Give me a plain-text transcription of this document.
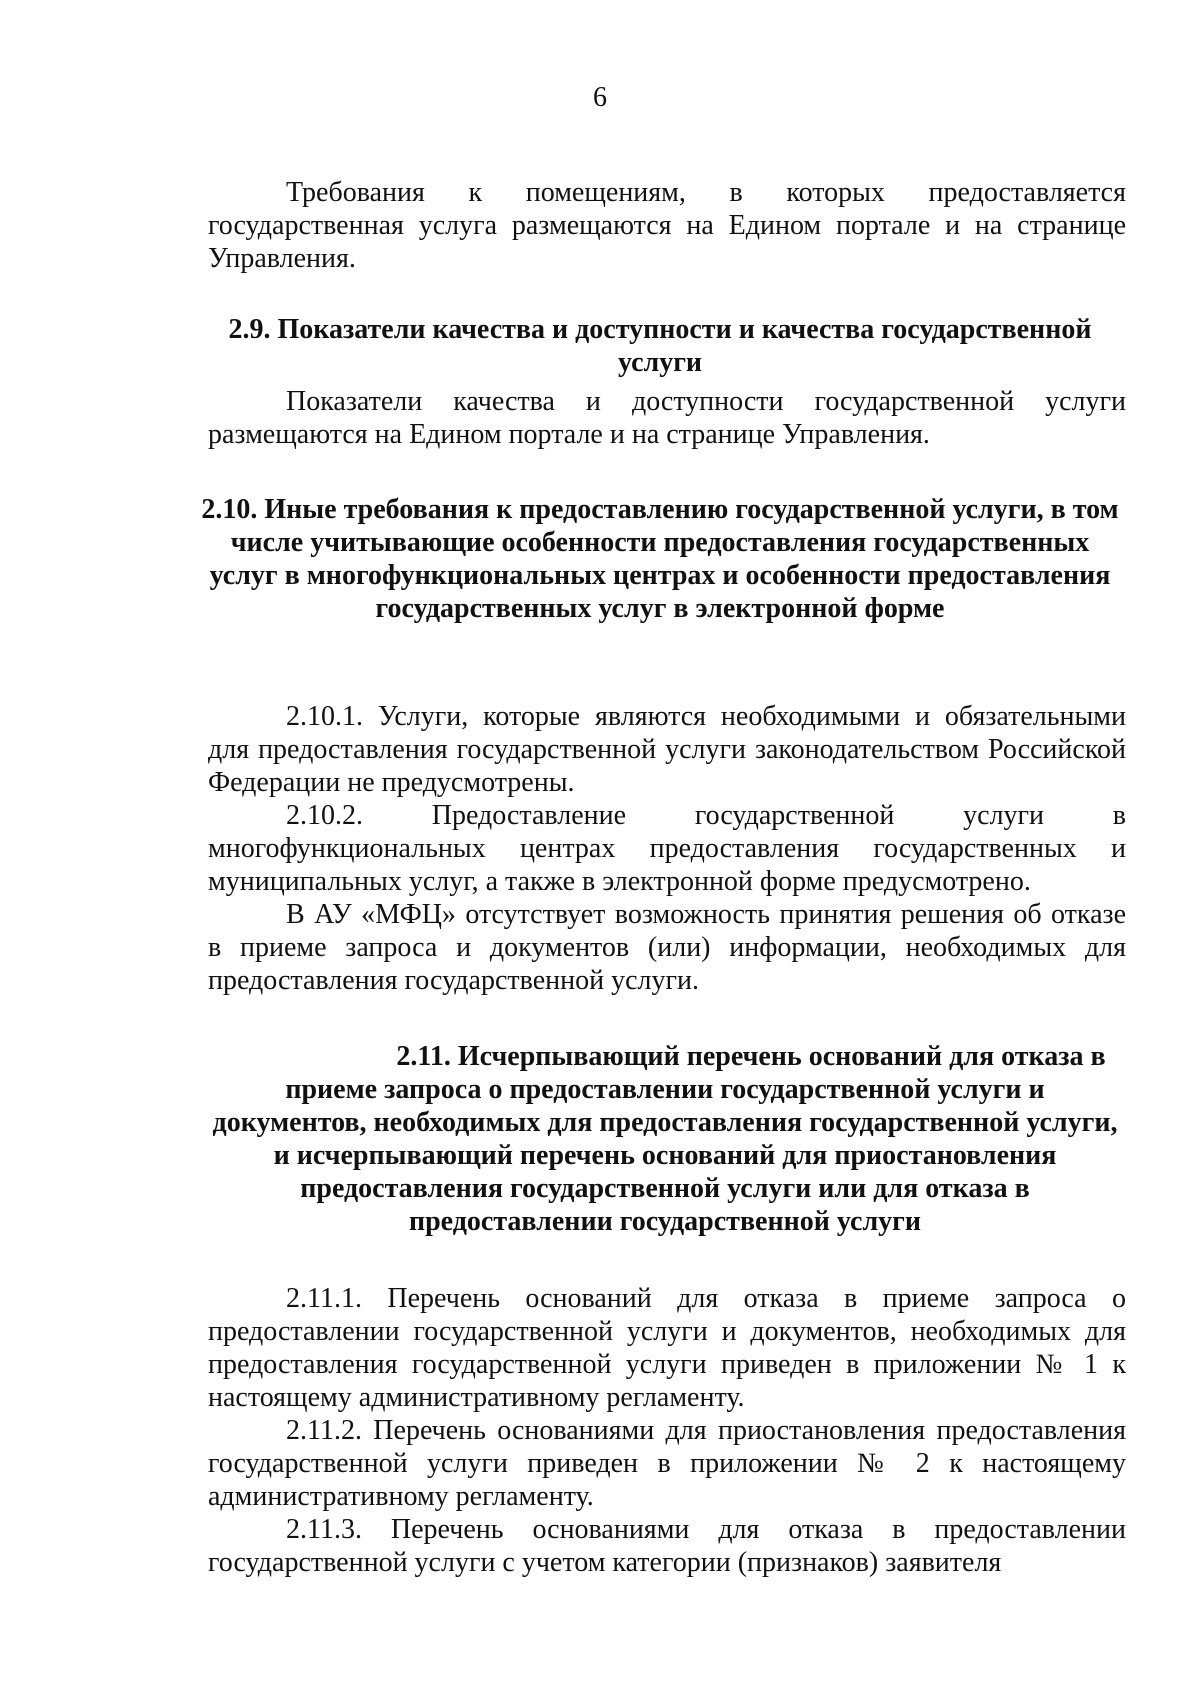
6

Требования к помещениям, в которых предоставляется государственная услуга размещаются на Едином портале и на странице Управления.

2.9. Показатели качества и доступности и качества государственной услуги

Показатели качества и доступности государственной услуги размещаются на Едином портале и на странице Управления.

2.10. Иные требования к предоставлению государственной услуги, в том числе учитывающие особенности предоставления государственных услуг в многофункциональных центрах и особенности предоставления государственных услуг в электронной форме

2.10.1. Услуги, которые являются необходимыми и обязательными для предоставления государственной услуги законодательством Российской Федерации не предусмотрены.

2.10.2. Предоставление государственной услуги в многофункциональных центрах предоставления государственных и муниципальных услуг, а также в электронной форме предусмотрено.

В АУ «МФЦ» отсутствует возможность принятия решения об отказе в приеме запроса и документов (или) информации, необходимых для предоставления государственной услуги.

2.11. Исчерпывающий перечень оснований для отказа в приеме запроса о предоставлении государственной услуги и документов, необходимых для предоставления государственной услуги, и исчерпывающий перечень оснований для приостановления предоставления государственной услуги или для отказа в предоставлении государственной услуги

2.11.1. Перечень оснований для отказа в приеме запроса о предоставлении государственной услуги и документов, необходимых для предоставления государственной услуги приведен в приложении № 1 к настоящему административному регламенту.

2.11.2. Перечень основаниями для приостановления предоставления государственной услуги приведен в приложении № 2 к настоящему административному регламенту.

2.11.3. Перечень основаниями для отказа в предоставлении государственной услуги с учетом категории (признаков) заявителя
